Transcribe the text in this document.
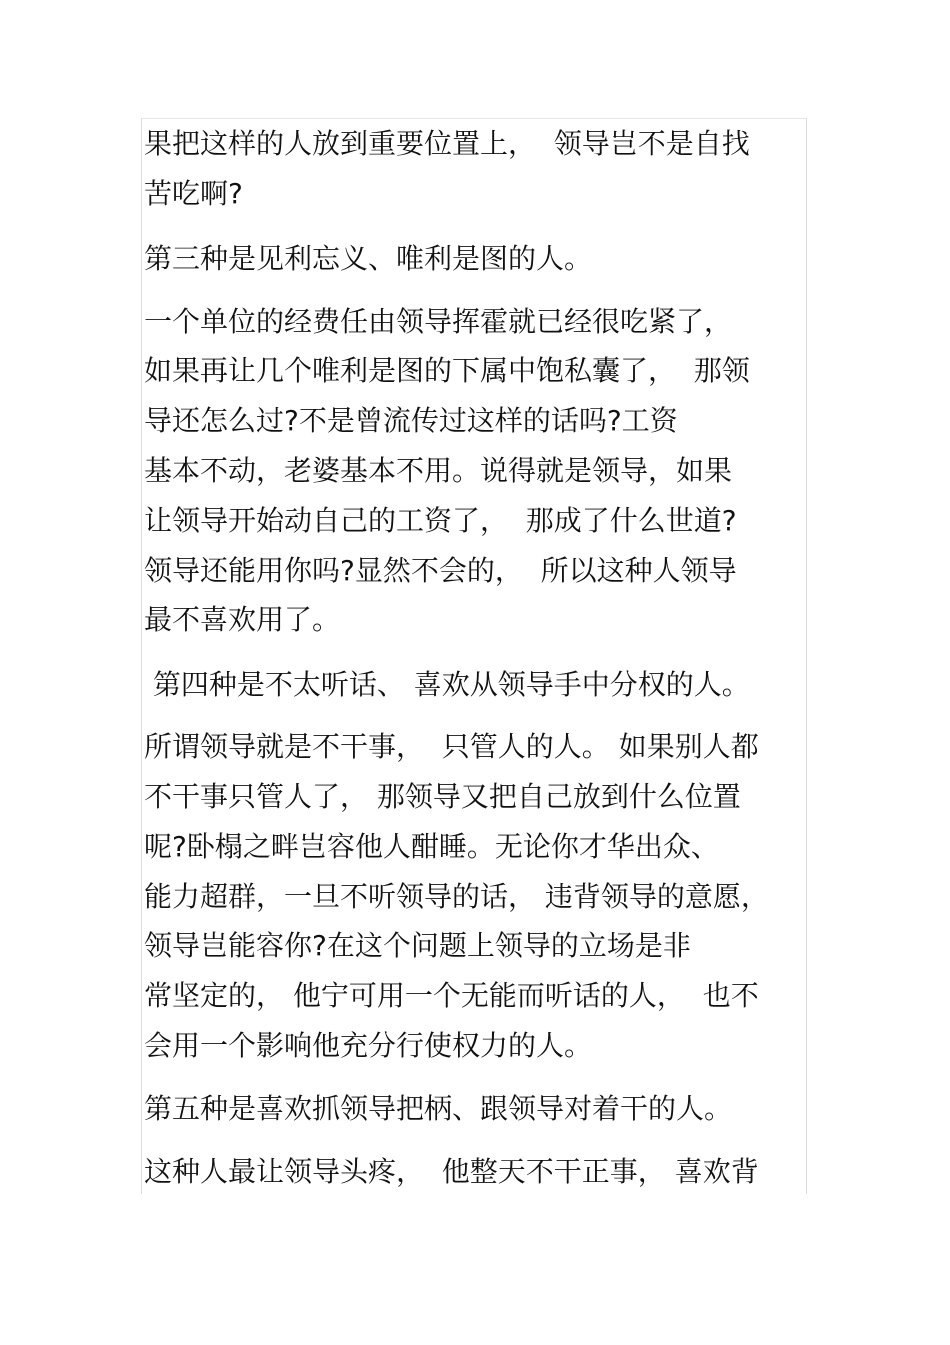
果把这样的人放到重要位置上，  领导岂不是自找
苦吃啊?
第三种是见利忘义、唯利是图的人。
一个单位的经费任由领导挥霍就已经很吃紧了，
如果再让几个唯利是图的下属中饱私囊了，  那领
导还怎么过?不是曾流传过这样的话吗?工资
基本不动，老婆基本不用。说得就是领导，如果
让领导开始动自己的工资了，  那成了什么世道?
领导还能用你吗?显然不会的，  所以这种人领导
最不喜欢用了。
第四种是不太听话、 喜欢从领导手中分权的人。
所谓领导就是不干事，  只管人的人。 如果别人都
不干事只管人了， 那领导又把自己放到什么位置
呢?卧榻之畔岂容他人酣睡。无论你才华出众、
能力超群，一旦不听领导的话， 违背领导的意愿，
领导岂能容你?在这个问题上领导的立场是非
常坚定的， 他宁可用一个无能而听话的人，  也不
会用一个影响他充分行使权力的人。
第五种是喜欢抓领导把柄、跟领导对着干的人。
这种人最让领导头疼，  他整天不干正事， 喜欢背
